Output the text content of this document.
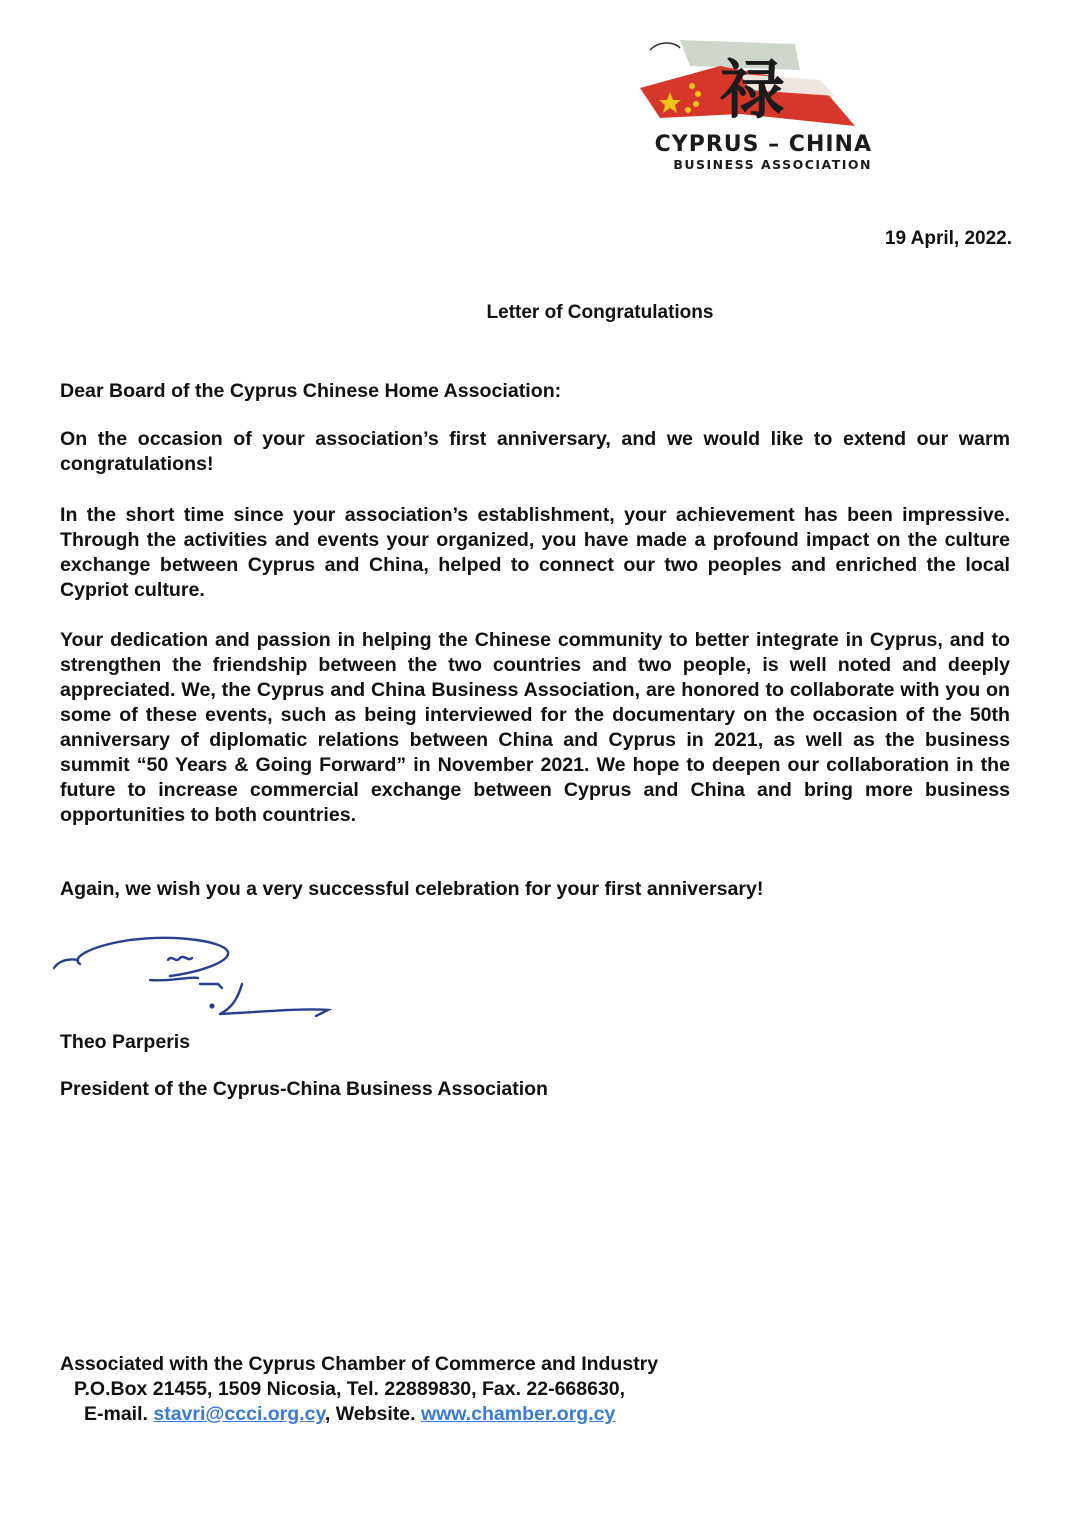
禄
CYPRUS – CHINA
BUSINESS ASSOCIATION
19 April, 2022.
Letter of Congratulations

Dear Board of the Cyprus Chinese Home Association:

On the occasion of your association’s first anniversary, and we would like to extend our warm congratulations!

In the short time since your association’s establishment, your achievement has been impressive. Through the activities and events your organized, you have made a profound impact on the culture exchange between Cyprus and China, helped to connect our two peoples and enriched the local Cypriot culture.

Your dedication and passion in helping the Chinese community to better integrate in Cyprus, and to strengthen the friendship between the two countries and two people, is well noted and deeply appreciated. We, the Cyprus and China Business Association, are honored to collaborate with you on some of these events, such as being interviewed for the documentary on the occasion of the 50th anniversary of diplomatic relations between China and Cyprus in 2021, as well as the business summit “50 Years & Going Forward” in November 2021. We hope to deepen our collaboration in the future to increase commercial exchange between Cyprus and China and bring more business opportunities to both countries.

Again, we wish you a very successful celebration for your first anniversary!

Theo Parperis
President of the Cyprus-China Business Association
Associated with the Cyprus Chamber of Commerce and Industry
P.O.Box 21455, 1509 Nicosia, Tel. 22889830, Fax. 22-668630,
E-mail. stavri@ccci.org.cy, Website. www.chamber.org.cy
